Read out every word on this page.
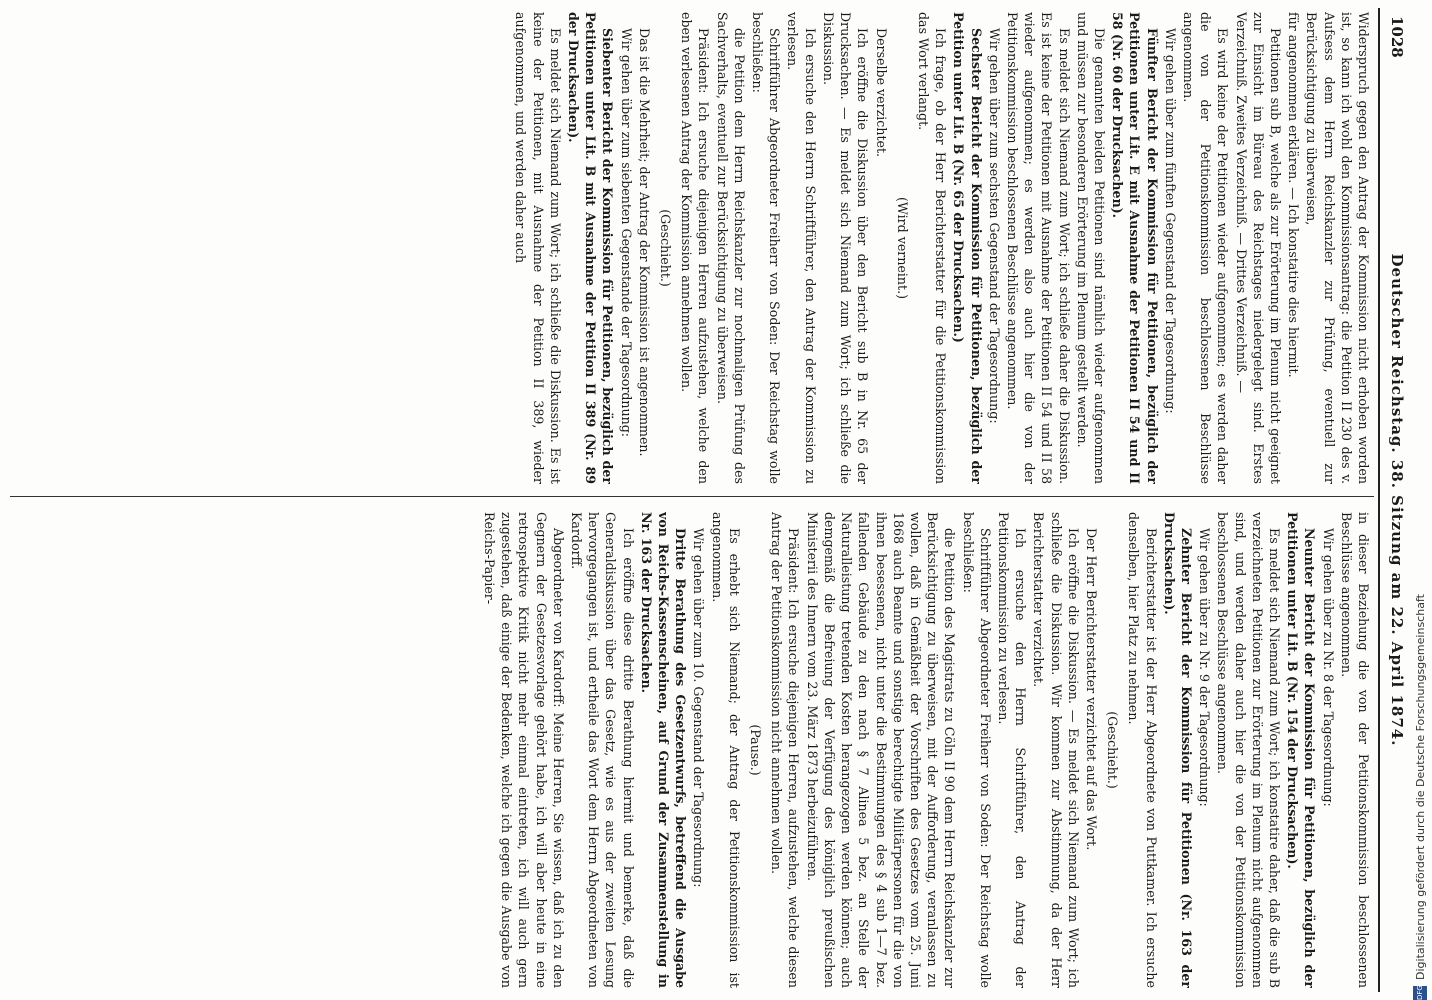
1028
Deutscher Reichstag. 38. Sitzung am 22. April 1874.

Widerspruch gegen den Antrag der Kommission nicht erhoben worden ist, so kann ich wohl den Kommissionsantrag: die Petition II 230 des v. Aufsess dem Herrn Reichskanzler zur Prüfung, eventuell zur Berücksichtigung zu überweisen,

für angenommen erklären. — Ich konstatire dies hiermit.

Petitionen sub B, welche als zur Erörterung im Plenum nicht geeignet zur Einsicht im Büreau des Reichstages niedergelegt sind. Erstes Verzeichniß. Zweites Verzeichniß. — Drittes Verzeichniß. —

Es wird keine der Petitionen wieder aufgenommen; es werden daher die von der Petitionskommission beschlossenen Beschlüsse angenommen.

Wir gehen über zum fünften Gegenstand der Tagesordnung:

Fünfter Bericht der Kommission für Petitionen, bezüglich der Petitionen unter Lit. E mit Ausnahme der Petitionen II 54 und II 58 (Nr. 60 der Drucksachen).

Die genannten beiden Petitionen sind nämlich wieder aufgenommen und müssen zur besonderen Erörterung im Plenum gestellt werden.

Es meldet sich Niemand zum Wort; ich schließe daher die Diskussion. Es ist keine der Petitionen mit Ausnahme der Petitionen II 54 und II 58 wieder aufgenommen; es werden also auch hier die von der Petitionskommission beschlossenen Beschlüsse angenommen.

Wir gehen über zum sechsten Gegenstand der Tagesordnung:

Sechster Bericht der Kommission für Petitionen, bezüglich der Petition unter Lit. B (Nr. 65 der Drucksachen.)

Ich frage, ob der Herr Berichterstatter für die Petitionskommission das Wort verlangt.

(Wird verneint.)

Derselbe verzichtet.

Ich eröffne die Diskussion über den Bericht sub B in Nr. 65 der Drucksachen. — Es meldet sich Niemand zum Wort; ich schließe die Diskussion.

Ich ersuche den Herrn Schriftführer, den Antrag der Kommission zu verlesen.

Schriftführer Abgeordneter Freiherr von Soden: Der Reichstag wolle beschließen:

die Petition dem Herrn Reichskanzler zur nochmaligen Prüfung des Sachverhalts, eventuell zur Berücksichtigung zu überweisen.

Präsident: Ich ersuche diejenigen Herren aufzustehen, welche den eben verlesenen Antrag der Kommission annehmen wollen.

(Geschieht.)

Das ist die Mehrheit; der Antrag der Kommission ist angenommen.

Wir gehen über zum siebenten Gegenstande der Tagesordnung:

Siebenter Bericht der Kommission für Petitionen, bezüglich der Petitionen unter Lit. B mit Ausnahme der Petition II 389 (Nr. 89 der Drucksachen).

Es meldet sich Niemand zum Wort; ich schließe die Diskussion. Es ist keine der Petitionen, mit Ausnahme der Petition II 389, wieder aufgenommen, und werden daher auch

in dieser Beziehung die von der Petitionskommission beschlossenen Beschlüsse angenommen.

Wir gehen über zu Nr. 8 der Tagesordnung:

Neunter Bericht der Kommission für Petitionen, bezüglich der Petitionen unter Lit. B (Nr. 154 der Drucksachen).

Es meldet sich Niemand zum Wort; ich konstatire daher, daß die sub B verzeichneten Petitionen zur Erörterung im Plenum nicht aufgenommen sind, und werden daher auch hier die von der Petitionskommission beschlossenen Beschlüsse angenommen.

Wir gehen über zu Nr. 9 der Tagesordnung:

Zehnter Bericht der Kommission für Petitionen (Nr. 163 der Drucksachen).

Berichterstatter ist der Herr Abgeordnete von Puttkamer. Ich ersuche denselben, hier Platz zu nehmen.

(Geschieht.)

Der Herr Berichterstatter verzichtet auf das Wort.

Ich eröffne die Diskussion. — Es meldet sich Niemand zum Wort; ich schließe die Diskussion. Wir kommen zur Abstimmung, da der Herr Berichterstatter verzichtet.

Ich ersuche den Herrn Schriftführer, den Antrag der Petitionskommission zu verlesen.

Schriftführer Abgeordneter Freiherr von Soden: Der Reichstag wolle beschließen:

die Petition des Magistrats zu Cöln II 90 dem Herrn Reichskanzler zur Berücksichtigung zu überweisen, mit der Aufforderung, veranlassen zu wollen, daß in Gemäßheit der Vorschriften des Gesetzes vom 25. Juni 1868 auch Beamte und sonstige berechtigte Militärpersonen für die von ihnen besessenen, nicht unter die Bestimmungen des § 4 sub 1—7 bez. fallenden Gebäude zu den nach § 7 Alinea 5 bez. an Stelle der Naturalleistung tretenden Kosten herangezogen werden können; auch demgemäß die Befreiung der Verfügung des königlich preußischen Ministerii des Innern vom 23. März 1873 herbeizuführen.

Präsident: Ich ersuche diejenigen Herren, aufzustehen, welche diesen Antrag der Petitionskommission nicht annehmen wollen.

(Pause.)

Es erhebt sich Niemand; der Antrag der Petitionskommission ist angenommen.

Wir gehen über zum 10. Gegenstand der Tagesordnung:

Dritte Berathung des Gesetzentwurfs, betreffend die Ausgabe von Reichs-Kassenscheinen, auf Grund der Zusammenstellung in Nr. 163 der Drucksachen.

Ich eröffne diese dritte Berathung hiermit und bemerke, daß die Generaldiskussion über das Gesetz, wie es aus der zweiten Lesung hervorgegangen ist, und ertheile das Wort dem Herrn Abgeordneten von Kardorff.

Abgeordneter von Kardorff: Meine Herren, Sie wissen, daß ich zu den Gegnern der Gesetzesvorlage gehört habe, ich will aber heute in eine retrospektive Kritik nicht mehr einmal eintreten, ich will auch gern zugestehen, daß einige der Bedenken, welche ich gegen die Ausgabe von Reichs-Papier-

DFG
Digitalisierung gefördert durch die Deutsche Forschungsgemeinschaft
